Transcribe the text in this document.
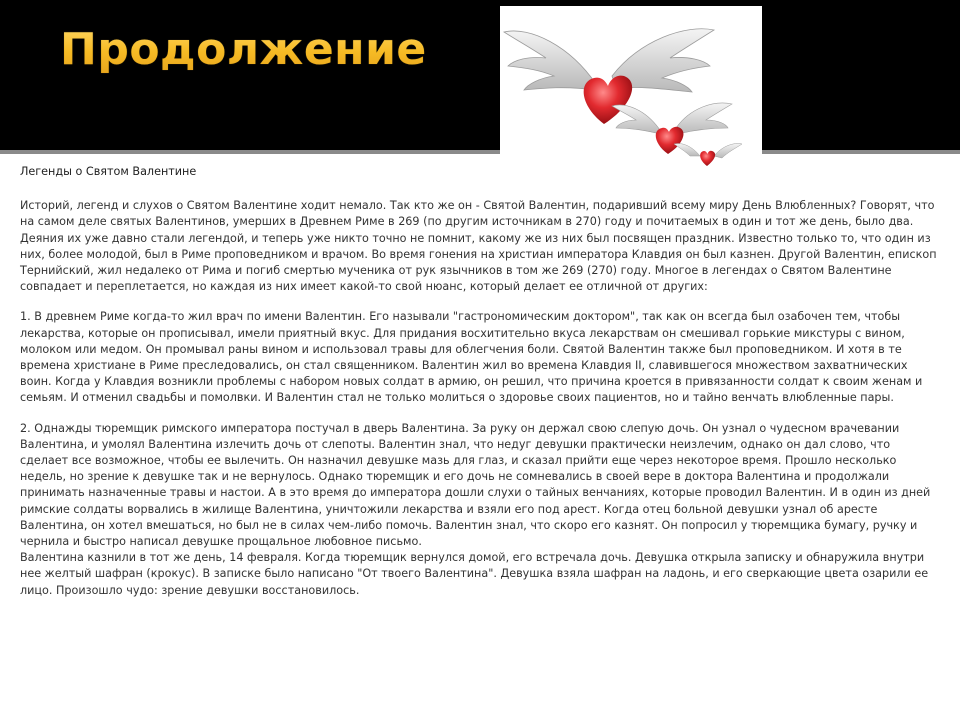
Продолжение

Легенды о Святом Валентине

Историй, легенд и слухов о Святом Валентине ходит немало. Так кто же он - Святой Валентин, подаривший всему миру День Влюбленных? Говорят, что на самом деле святых Валентинов, умерших в Древнем Риме в 269 (по другим источникам в 270) году и почитаемых в один и тот же день, было два. Деяния их уже давно стали легендой, и теперь уже никто точно не помнит, какому же из них был посвящен праздник. Известно только то, что один из них, более молодой, был в Риме проповедником и врачом. Во время гонения на христиан императора Клавдия он был казнен. Другой Валентин, епископ Тернийский, жил недалеко от Рима и погиб смертью мученика от рук язычников в том же 269 (270) году. Многое в легендах о Святом Валентине совпадает и переплетается, но каждая из них имеет какой-то свой нюанс, который делает ее отличной от других:

1. В древнем Риме когда-то жил врач по имени Валентин. Его называли "гастрономическим доктором", так как он всегда был озабочен тем, чтобы лекарства, которые он прописывал, имели приятный вкус. Для придания восхитительно вкуса лекарствам он смешивал горькие микстуры с вином, молоком или медом. Он промывал раны вином и использовал травы для облегчения боли. Святой Валентин также был проповедником. И хотя в те времена христиане в Риме преследовались, он стал священником. Валентин жил во времена Клавдия II, славившегося множеством захватнических воин. Когда у Клавдия возникли проблемы с набором новых солдат в армию, он решил, что причина кроется в привязанности солдат к своим женам и семьям. И отменил свадьбы и помолвки. И Валентин стал не только молиться о здоровье своих пациентов, но и тайно венчать влюбленные пары.

2. Однажды тюремщик римского императора постучал в дверь Валентина. За руку он держал свою слепую дочь. Он узнал о чудесном врачевании Валентина, и умолял Валентина излечить дочь от слепоты. Валентин знал, что недуг девушки практически неизлечим, однако он дал слово, что сделает все возможное, чтобы ее вылечить. Он назначил девушке мазь для глаз, и сказал прийти еще через некоторое время. Прошло несколько недель, но зрение к девушке так и не вернулось. Однако тюремщик и его дочь не сомневались в своей вере в доктора Валентина и продолжали принимать назначенные травы и настои. А в это время до императора дошли слухи о тайных венчаниях, которые проводил Валентин. И в один из дней римские солдаты ворвались в жилище Валентина, уничтожили лекарства и взяли его под арест. Когда отец больной девушки узнал об аресте Валентина, он хотел вмешаться, но был не в силах чем-либо помочь. Валентин знал, что скоро его казнят. Он попросил у тюремщика бумагу, ручку и чернила и быстро написал девушке прощальное любовное письмо.

Валентина казнили в тот же день, 14 февраля. Когда тюремщик вернулся домой, его встречала дочь. Девушка открыла записку и обнаружила внутри нее желтый шафран (крокус). В записке было написано "От твоего Валентина". Девушка взяла шафран на ладонь, и его сверкающие цвета озарили ее лицо. Произошло чудо: зрение девушки восстановилось.
